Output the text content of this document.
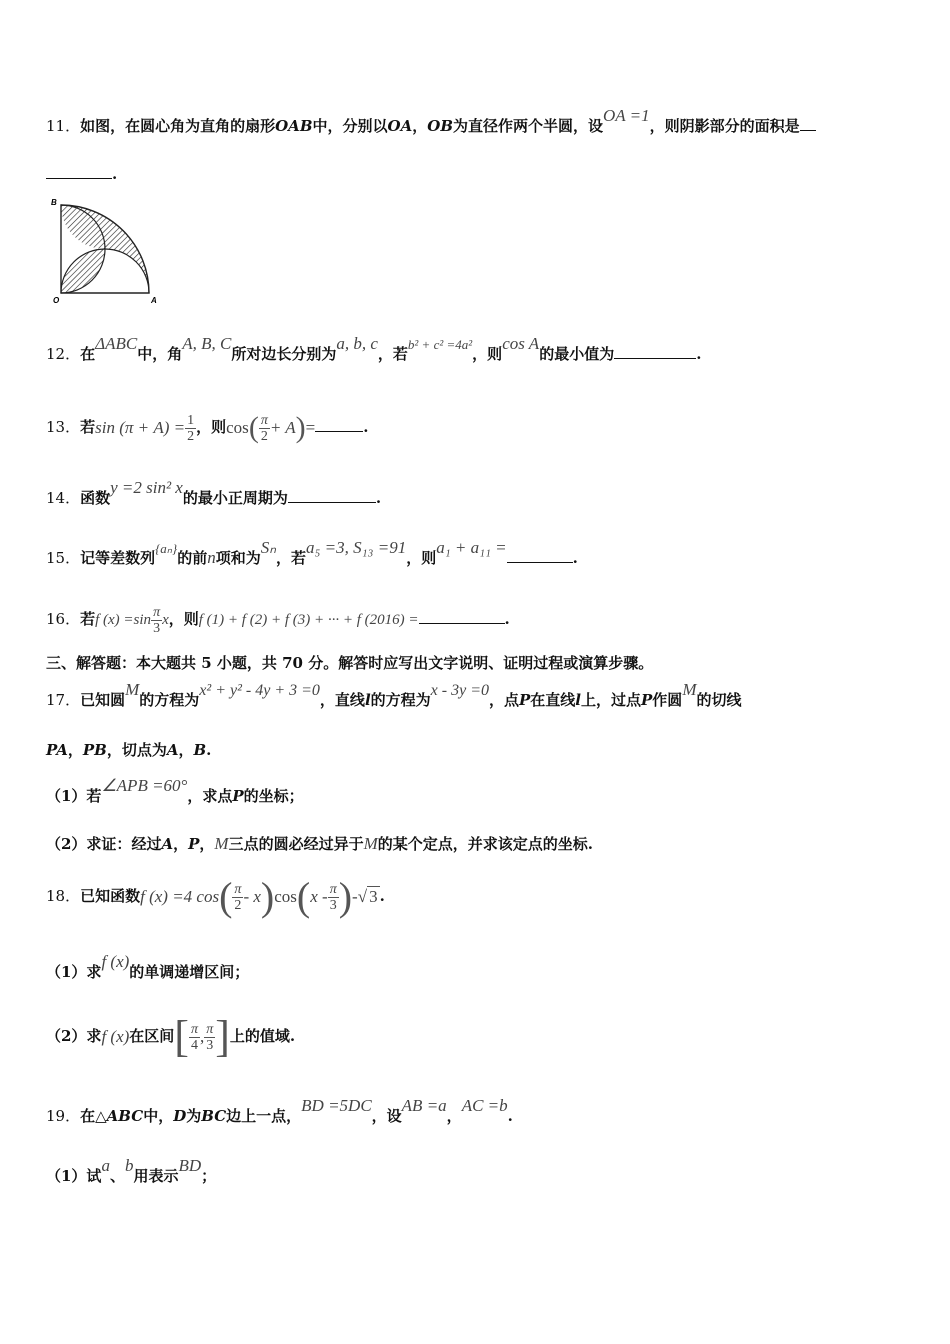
11．如图，在圆心角为直角的扇形OAB中，分别以OA，OB为直径作两个半圆，设OA =1，则阴影部分的面积是
.
B
O	A
12．在ΔABC中，角A, B, C所对边长分别为a, b, c，若b² + c² =4a²，则cos A的最小值为	.
13．若$\sin (\pi + A) = \frac{1}{2}$ ，则$\cos( \frac{\pi}{2} + A)=$	.
14．函数y =2 sin² x的最小正周期为	.
15．记等差数列{aₙ}的前n项和为Sₙ，若a₅ =3, S₁₃ =91，则a₁ + a₁₁ =.
16．若f $(x) =\sin \frac{\pi}{3}$ x，则f (1) + f (2) + f (3) + ··· + f (2016) =	.
三、解答题：本大题共 5 小题，共 70 分。解答时应写出文字说明、证明过程或演算步骤。
17．已知圆M的方程为x² + y² - 4y + 3 =0，直线l的方程为x - 3y =0，点P在直线l上，过点P作圆M的切线
PA，PB，切点为A，B.
（1）若∠APB =60°，求点P的坐标；
（2）求证：经过A，P，M三点的圆必经过异于M的某个定点，并求该定点的坐标.
18．已知函数f (x) =4 $\cos( \frac{\pi}{2} - x)\cos(x - \frac{\pi}{3}$ )-√ 3 .
（1）求f (x)的单调递增区间；
（2）求f (x)在区间[ $\frac{\pi}{4}$ , $\frac{\pi}{3}$ ]上的值域.
19．在△ABC中，D为BC边上一点，BD =5DC，设AB =a，AC =b.
（1）试a、b用表示BD；
